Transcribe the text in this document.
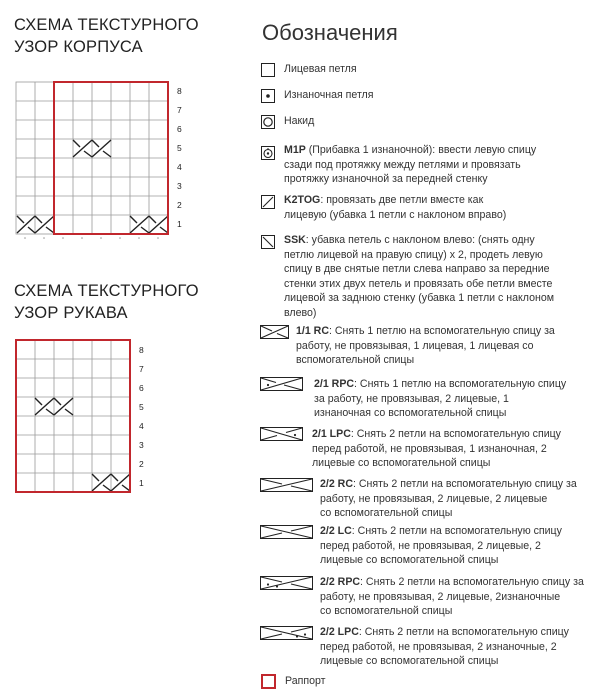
СХЕМА ТЕКСТУРНОГО
УЗОР КОРПУСА
8
7
6
5
4
3
2
1
СХЕМА ТЕКСТУРНОГО
УЗОР РУКАВА
8
7
6
5
4
3
2
1
Обозначения
Лицевая петля
Изнаночная петля
Накид
M1P (Прибавка 1 изнаночной): ввести левую спицу
сзади под протяжку между петлями и провязать
протяжку изнаночной за передней стенку
K2TOG: провязать две петли вместе как
лицевую (убавка 1 петли с наклоном вправо)
SSK: убавка петель с наклоном влево: (снять одну
петлю лицевой на правую спицу) х 2, продеть левую
спицу в две снятые петли слева направо за передние
стенки этих двух петель и провязать обе петли вместе
лицевой за заднюю стенку (убавка 1 петли с наклоном
влево)
1/1 RC: Снять 1 петлю на вспомогательную спицу за
работу, не провязывая, 1 лицевая, 1 лицевая со
вспомогательной спицы
2/1 RPC: Снять 1 петлю на вспомогательную спицу
за работу, не провязывая, 2 лицевые, 1
изнаночная со вспомогательной спицы
2/1 LPC: Снять 2 петли на вспомогательную спицу
перед работой, не провязывая, 1 изнаночная, 2
лицевые со вспомогательной спицы
2/2 RC: Снять 2 петли на вспомогательную спицу за
работу, не провязывая, 2 лицевые, 2 лицевые
со вспомогательной спицы
2/2 LC: Снять 2 петли на вспомогательную спицу
перед работой, не провязывая, 2 лицевые, 2
лицевые со вспомогательной спицы
2/2 RPC: Снять 2 петли на вспомогательную спицу за
работу, не провязывая, 2 лицевые, 2изнаночные
со вспомогательной спицы
2/2 LPC: Снять 2 петли на вспомогательную спицу
перед работой, не провязывая, 2 изнаночные, 2
лицевые со вспомогательной спицы
Раппорт
